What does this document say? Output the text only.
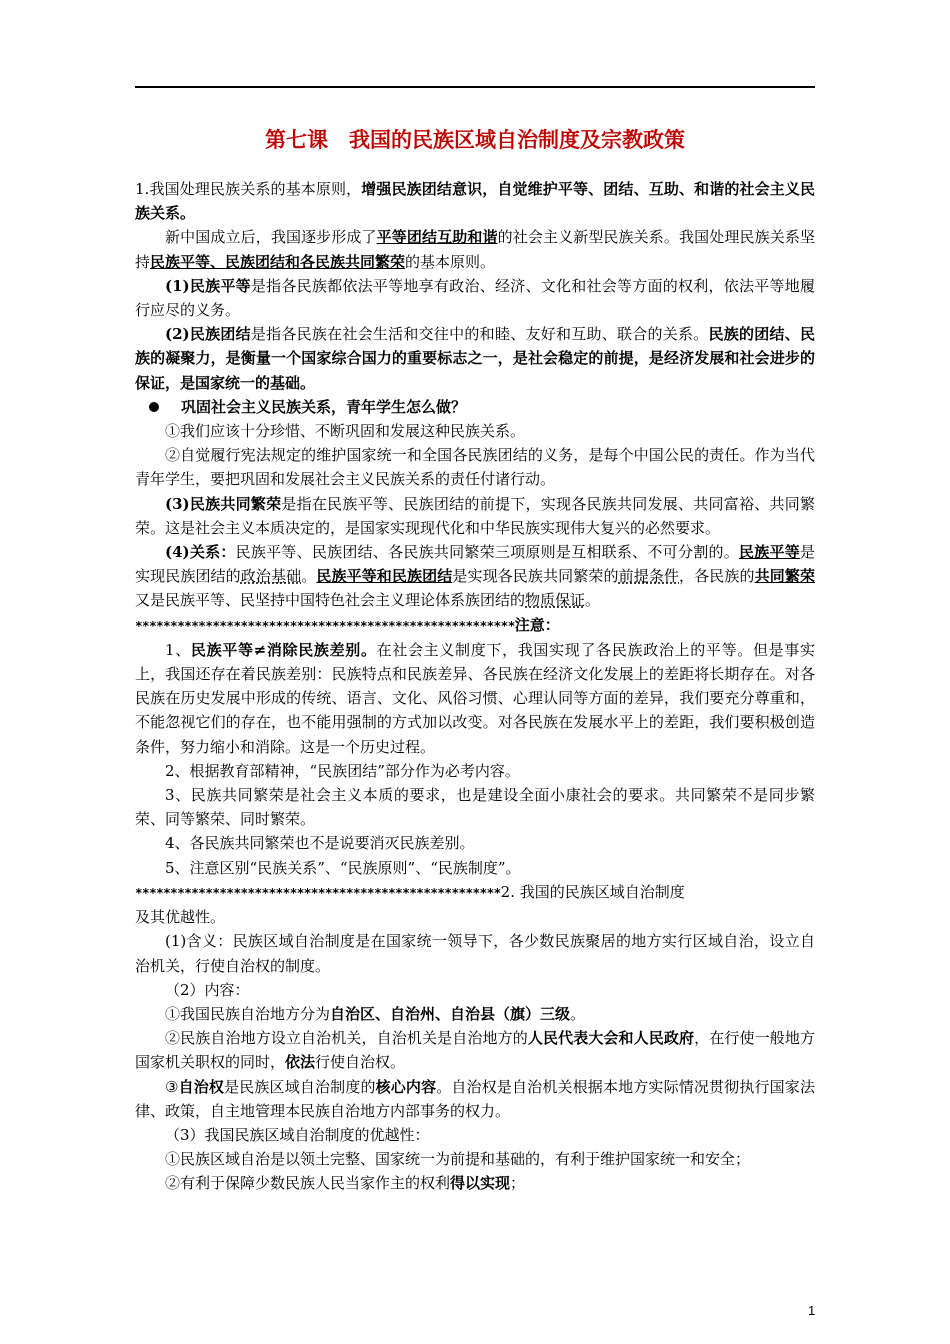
第七课　我国的民族区域自治制度及宗教政策

1.我国处理民族关系的基本原则，增强民族团结意识，自觉维护平等、团结、互助、和谐的社会主义民族关系。

新中国成立后，我国逐步形成了平等团结互助和谐的社会主义新型民族关系。我国处理民族关系坚持民族平等、民族团结和各民族共同繁荣的基本原则。

(1)民族平等是指各民族都依法平等地享有政治、经济、文化和社会等方面的权利，依法平等地履行应尽的义务。

(2)民族团结是指各民族在社会生活和交往中的和睦、友好和互助、联合的关系。民族的团结、民族的凝聚力，是衡量一个国家综合国力的重要标志之一，是社会稳定的前提，是经济发展和社会进步的保证，是国家统一的基础。

巩固社会主义民族关系，青年学生怎么做？

①我们应该十分珍惜、不断巩固和发展这种民族关系。

②自觉履行宪法规定的维护国家统一和全国各民族团结的义务，是每个中国公民的责任。作为当代青年学生，要把巩固和发展社会主义民族关系的责任付诸行动。

(3)民族共同繁荣是指在民族平等、民族团结的前提下，实现各民族共同发展、共同富裕、共同繁荣。这是社会主义本质决定的，是国家实现现代化和中华民族实现伟大复兴的必然要求。

(4)关系：民族平等、民族团结、各民族共同繁荣三项原则是互相联系、不可分割的。民族平等是实现民族团结的政治基础。民族平等和民族团结是实现各民族共同繁荣的前提条件，各民族的共同繁荣又是民族平等、民坚持中国特色社会主义理论体系族团结的物质保证。

******************************************************注意：

1、民族平等≠消除民族差别。在社会主义制度下，我国实现了各民族政治上的平等。但是事实上，我国还存在着民族差别：民族特点和民族差异、各民族在经济文化发展上的差距将长期存在。对各民族在历史发展中形成的传统、语言、文化、风俗习惯、心理认同等方面的差异，我们要充分尊重和，不能忽视它们的存在，也不能用强制的方式加以改变。对各民族在发展水平上的差距，我们要积极创造条件，努力缩小和消除。这是一个历史过程。

2、根据教育部精神，“民族团结”部分作为必考内容。

3、民族共同繁荣是社会主义本质的要求，也是建设全面小康社会的要求。共同繁荣不是同步繁荣、同等繁荣、同时繁荣。

4、各民族共同繁荣也不是说要消灭民族差别。

5、注意区别“民族关系”、“民族原则”、“民族制度”。

****************************************************2. 我国的民族区域自治制度
及其优越性。

(1)含义：民族区域自治制度是在国家统一领导下，各少数民族聚居的地方实行区域自治，设立自治机关，行使自治权的制度。

（2）内容：

①我国民族自治地方分为自治区、自治州、自治县（旗）三级。

②民族自治地方设立自治机关，自治机关是自治地方的人民代表大会和人民政府，在行使一般地方国家机关职权的同时，依法行使自治权。

③自治权是民族区域自治制度的核心内容。自治权是自治机关根据本地方实际情况贯彻执行国家法律、政策，自主地管理本民族自治地方内部事务的权力。

（3）我国民族区域自治制度的优越性：

①民族区域自治是以领土完整、国家统一为前提和基础的，有利于维护国家统一和安全；

②有利于保障少数民族人民当家作主的权利得以实现；

1
